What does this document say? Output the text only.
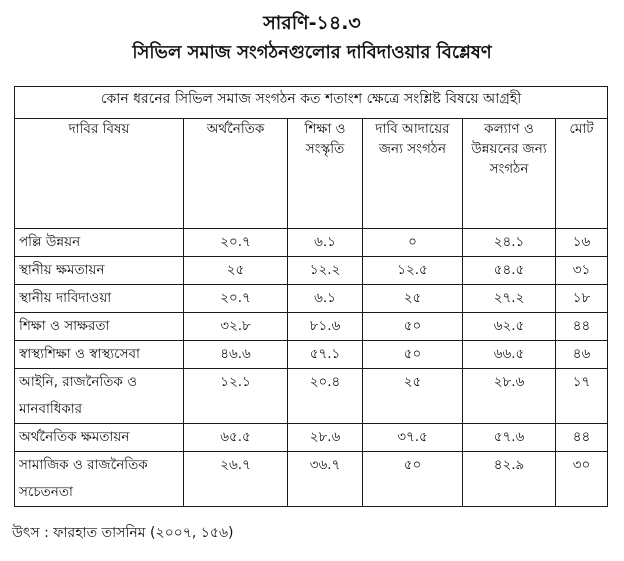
সারণি-১৪.৩
সিভিল সমাজ সংগঠনগুলোর দাবিদাওয়ার বিশ্লেষণ
কোন ধরনের সিভিল সমাজ সংগঠন কত শতাংশ ক্ষেত্রে সংশ্লিষ্ট বিষয়ে আগ্রহী					
দাবির বিষয়	অর্থনৈতিক	শিক্ষা ও সংস্কৃতি	দাবি আদায়ের জন্য সংগঠন	কল্যাণ ও উন্নয়নের জন্য সংগঠন	মোট
পল্লি উন্নয়ন	২০.৭	৬.১	০	২৪.১	১৬
স্থানীয় ক্ষমতায়ন	২৫	১২.২	১২.৫	৫৪.৫	৩১
স্থানীয় দাবিদাওয়া	২০.৭	৬.১	২৫	২৭.২	১৮
শিক্ষা ও সাক্ষরতা	৩২.৮	৮১.৬	৫০	৬২.৫	৪৪
স্বাস্থ্যশিক্ষা ও স্বাস্থ্যসেবা	৪৬.৬	৫৭.১	৫০	৬৬.৫	৪৬
আইনি, রাজনৈতিক ও মানবাধিকার	১২.১	২০.৪	২৫	২৮.৬	১৭
অর্থনৈতিক ক্ষমতায়ন	৬৫.৫	২৮.৬	৩৭.৫	৫৭.৬	৪৪
সামাজিক ও রাজনৈতিক সচেতনতা	২৬.৭	৩৬.৭	৫০	৪২.৯	৩০
উৎস : ফারহাত তাসনিম (২০০৭, ১৫৬)
